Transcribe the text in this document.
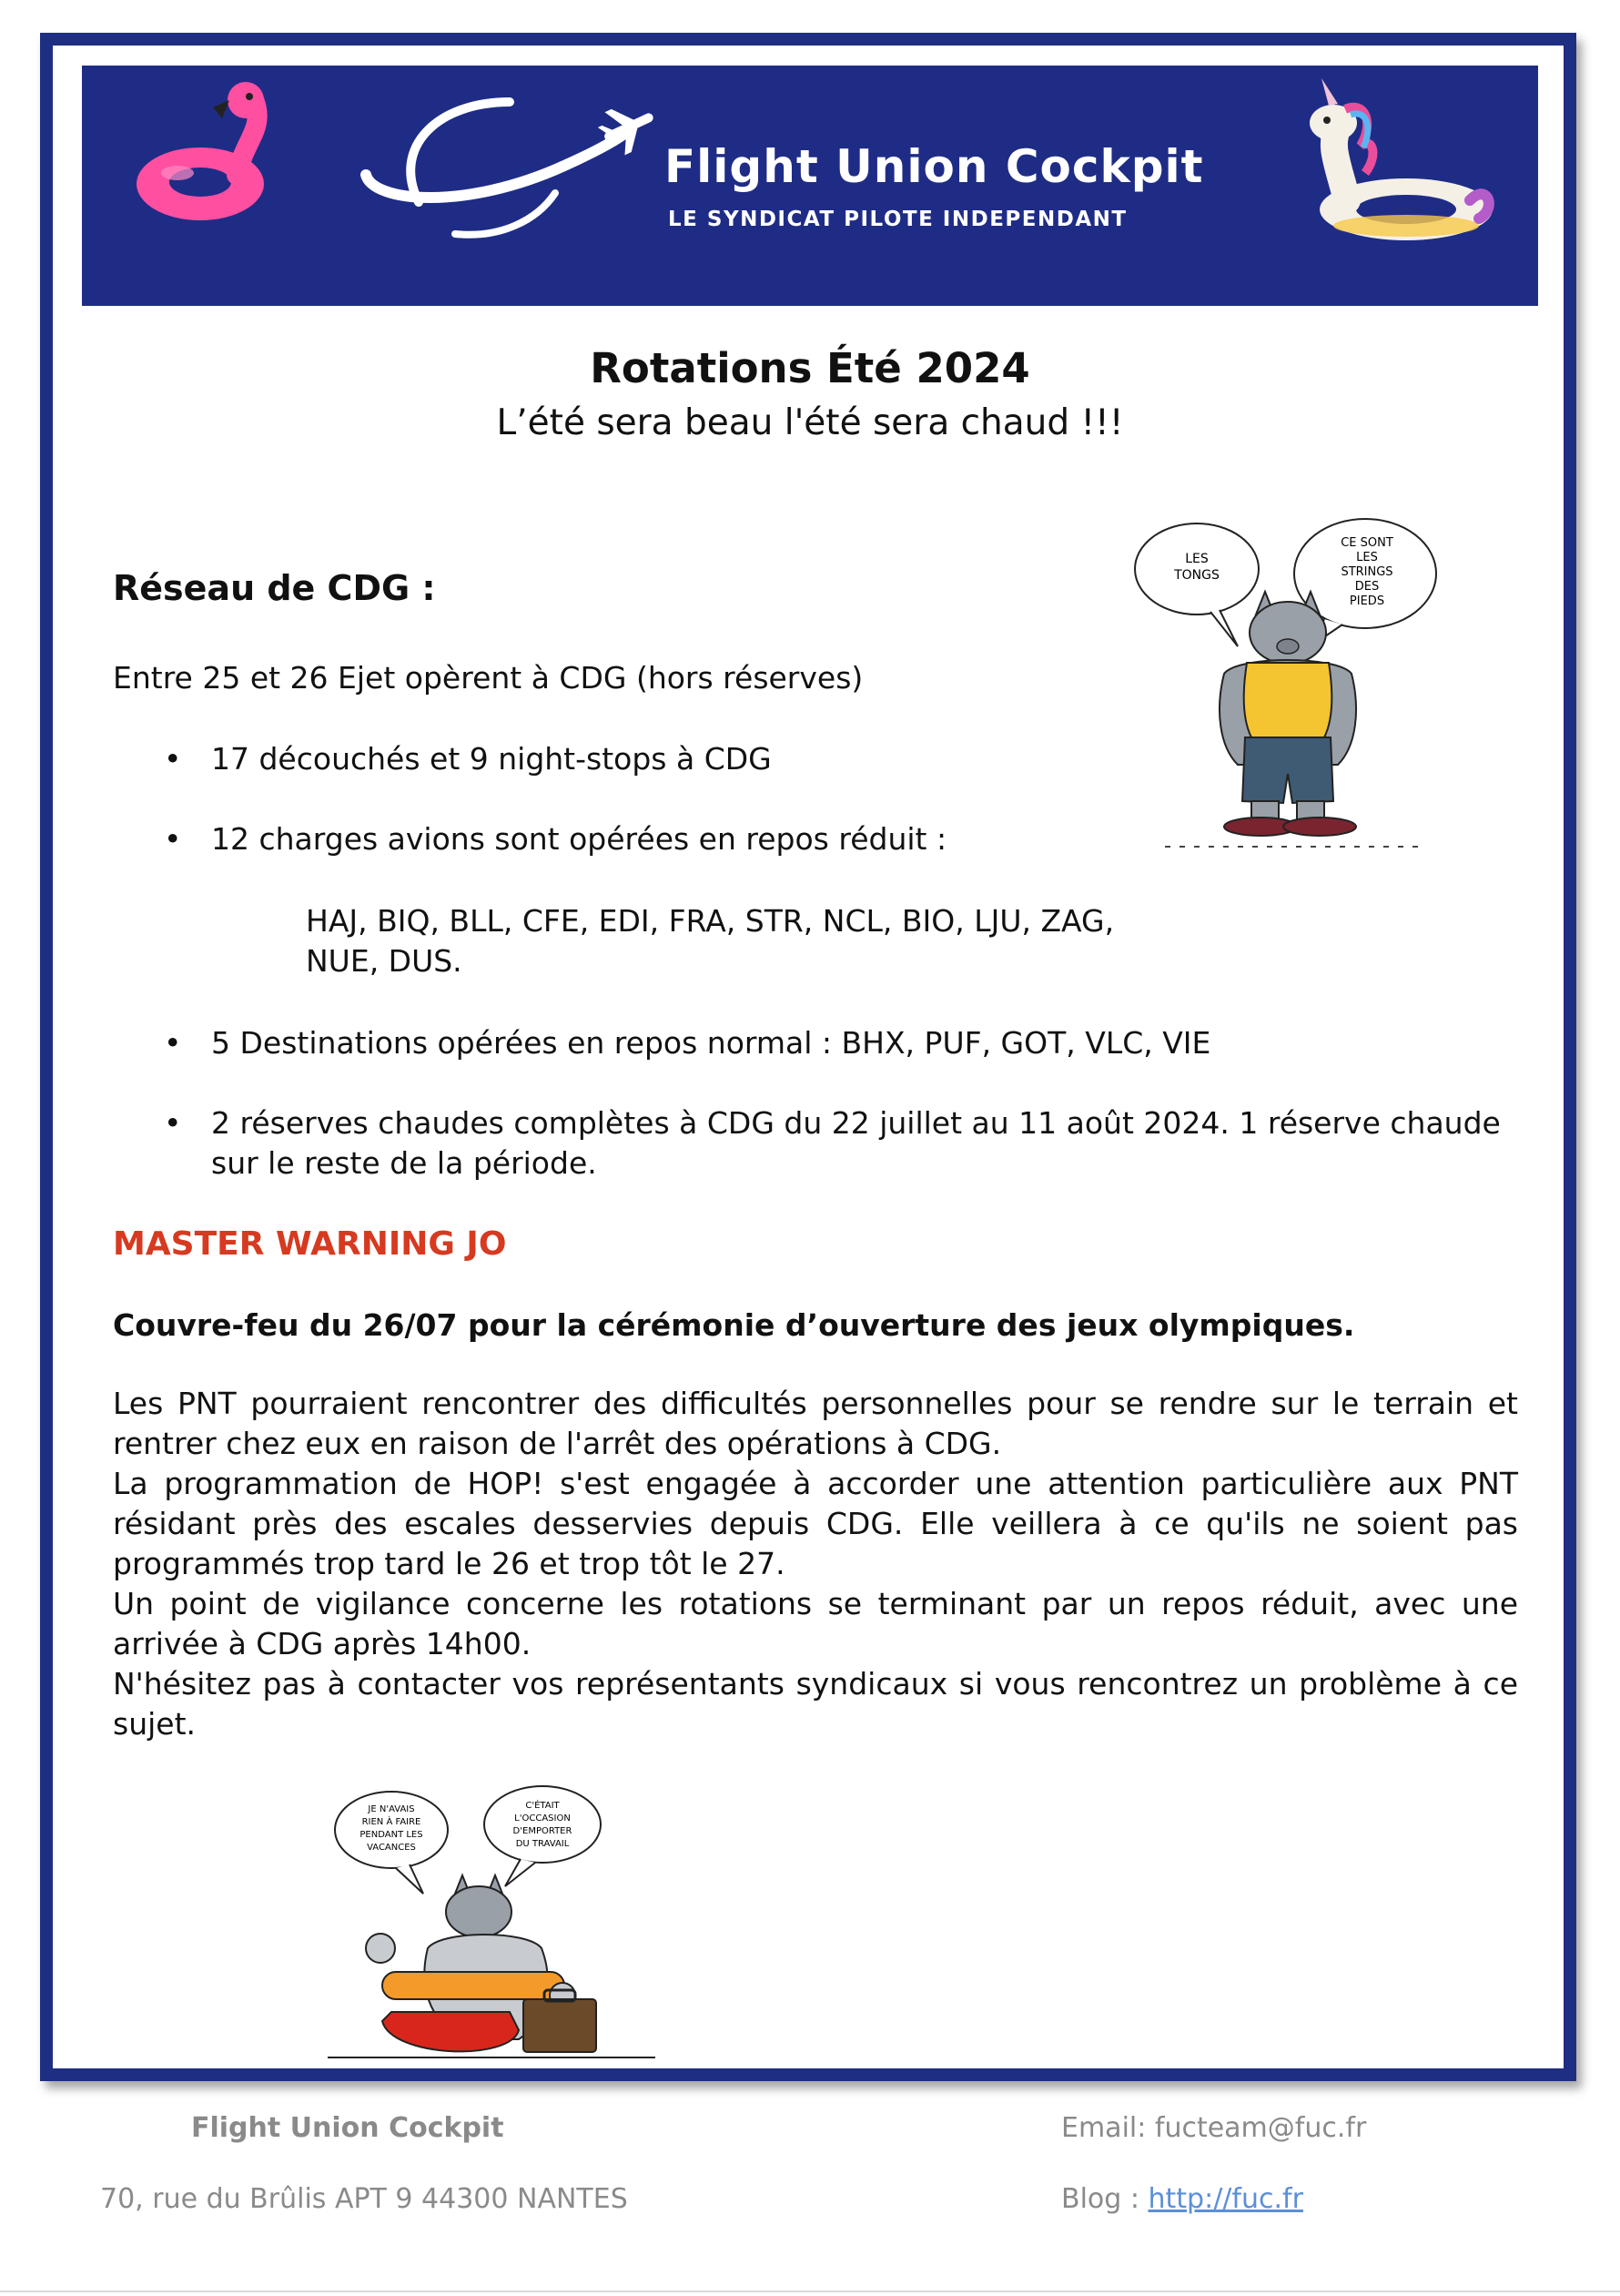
Flight Union Cockpit

LE SYNDICAT PILOTE INDEPENDANT

Rotations Été 2024

L’été sera beau l'été sera chaud !!!

LES
TONGS
CE SONT
LES
STRINGS
DES
PIEDS
Réseau de CDG :

Entre 25 et 26 Ejet opèrent à CDG (hors réserves)

• 17 découchés et 9 night-stops à CDG
• 12 charges avions sont opérées en repos réduit :

HAJ, BIQ, BLL, CFE, EDI, FRA, STR, NCL, BIO, LJU, ZAG, NUE, DUS.

• 5 Destinations opérées en repos normal : BHX, PUF, GOT, VLC, VIE
• 2 réserves chaudes complètes à CDG du 22 juillet au 11 août 2024. 1 réserve chaude sur le reste de la période.
MASTER WARNING JO

Couvre-feu du 26/07 pour la cérémonie d’ouverture des jeux olympiques.

Les PNT pourraient rencontrer des difficultés personnelles pour se rendre sur le terrain et rentrer chez eux en raison de l'arrêt des opérations à CDG.

La programmation de HOP! s'est engagée à accorder une attention particulière aux PNT résidant près des escales desservies depuis CDG. Elle veillera à ce qu'ils ne soient pas programmés trop tard le 26 et trop tôt le 27.

Un point de vigilance concerne les rotations se terminant par un repos réduit, avec une arrivée à CDG après 14h00.

N'hésitez pas à contacter vos représentants syndicaux si vous rencontrez un problème à ce sujet.

JE N'AVAIS
RIEN À FAIRE
PENDANT LES
VACANCES
C'ÉTAIT
L'OCCASION
D'EMPORTER
DU TRAVAIL

Flight Union Cockpit

70, rue du Brûlis APT 9 44300 NANTES

Email: fucteam@fuc.fr

Blog : http://fuc.fr
